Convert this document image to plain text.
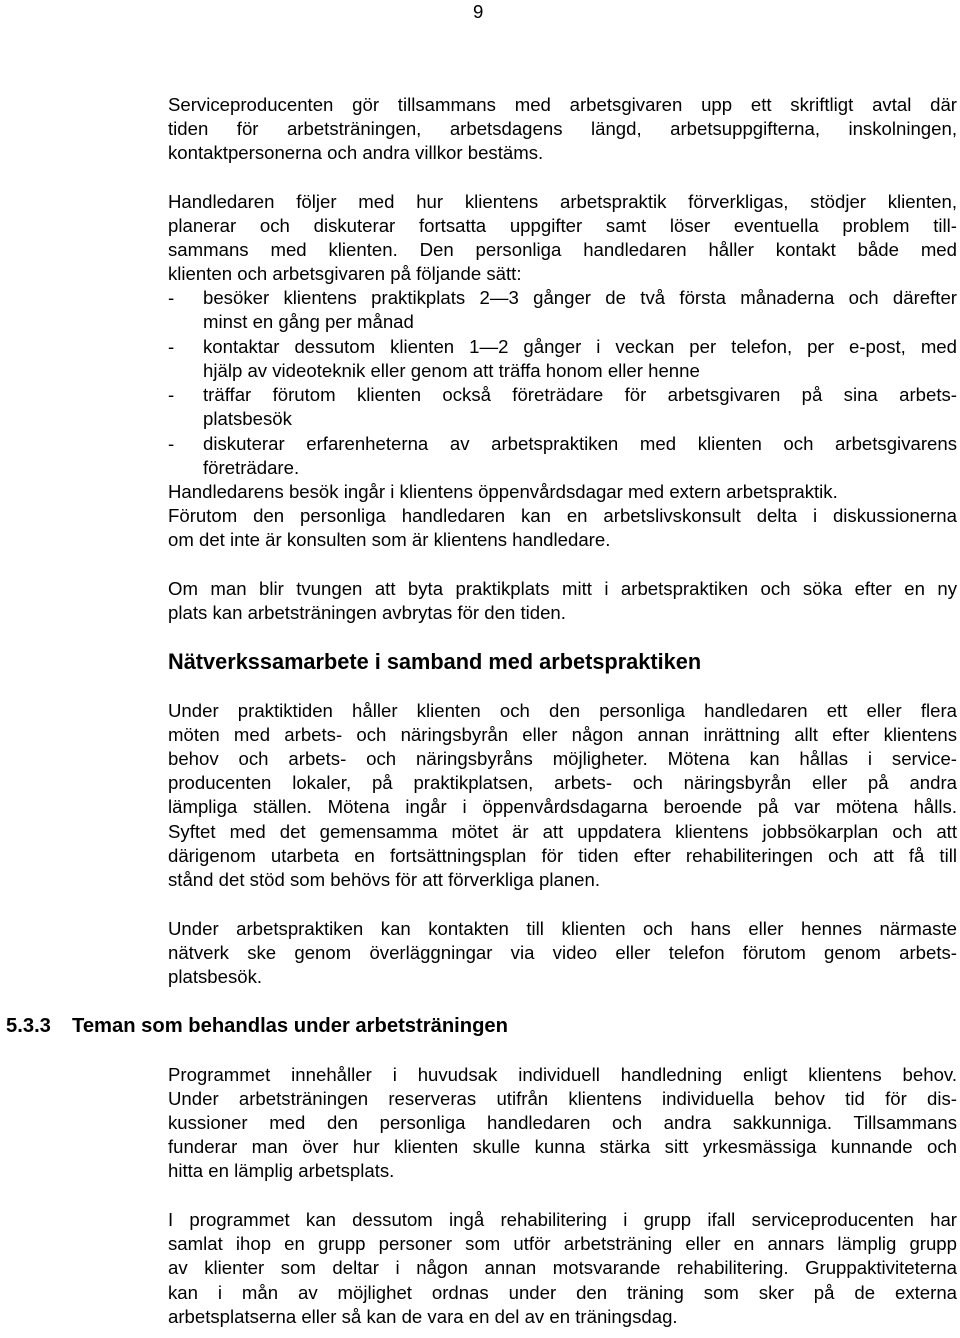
9

Serviceproducenten gör tillsammans med arbetsgivaren upp ett skriftligt avtal där

tiden för arbetsträningen, arbetsdagens längd, arbetsuppgifterna, inskolningen,

kontaktpersonerna och andra villkor bestäms.

Handledaren följer med hur klientens arbetspraktik förverkligas, stödjer klienten,

planerar och diskuterar fortsatta uppgifter samt löser eventuella problem till-

sammans med klienten. Den personliga handledaren håller kontakt både med

klienten och arbetsgivaren på följande sätt:

- besöker klientens praktikplats 2—3 gånger de två första månaderna och därefter

minst en gång per månad

- kontaktar dessutom klienten 1—2 gånger i veckan per telefon, per e-post, med

hjälp av videoteknik eller genom att träffa honom eller henne

- träffar förutom klienten också företrädare för arbetsgivaren på sina arbets-

platsbesök

- diskuterar erfarenheterna av arbetspraktiken med klienten och arbetsgivarens

företrädare.

Handledarens besök ingår i klientens öppenvårdsdagar med extern arbetspraktik.

Förutom den personliga handledaren kan en arbetslivskonsult delta i diskussionerna

om det inte är konsulten som är klientens handledare.

Om man blir tvungen att byta praktikplats mitt i arbetspraktiken och söka efter en ny

plats kan arbetsträningen avbrytas för den tiden.

Nätverkssamarbete i samband med arbetspraktiken

Under praktiktiden håller klienten och den personliga handledaren ett eller flera

möten med arbets- och näringsbyrån eller någon annan inrättning allt efter klientens

behov och arbets- och näringsbyråns möjligheter. Mötena kan hållas i service-

producenten lokaler, på praktikplatsen, arbets- och näringsbyrån eller på andra

lämpliga ställen. Mötena ingår i öppenvårdsdagarna beroende på var mötena hålls.

Syftet med det gemensamma mötet är att uppdatera klientens jobbsökarplan och att

därigenom utarbeta en fortsättningsplan för tiden efter rehabiliteringen och att få till

stånd det stöd som behövs för att förverkliga planen.

Under arbetspraktiken kan kontakten till klienten och hans eller hennes närmaste

nätverk ske genom överläggningar via video eller telefon förutom genom arbets-

platsbesök.

5.3.3 Teman som behandlas under arbetsträningen

Programmet innehåller i huvudsak individuell handledning enligt klientens behov.

Under arbetsträningen reserveras utifrån klientens individuella behov tid för dis-

kussioner med den personliga handledaren och andra sakkunniga. Tillsammans

funderar man över hur klienten skulle kunna stärka sitt yrkesmässiga kunnande och

hitta en lämplig arbetsplats.

I programmet kan dessutom ingå rehabilitering i grupp ifall serviceproducenten har

samlat ihop en grupp personer som utför arbetsträning eller en annars lämplig grupp

av klienter som deltar i någon annan motsvarande rehabilitering. Gruppaktiviteterna

kan i mån av möjlighet ordnas under den träning som sker på de externa

arbetsplatserna eller så kan de vara en del av en träningsdag.
